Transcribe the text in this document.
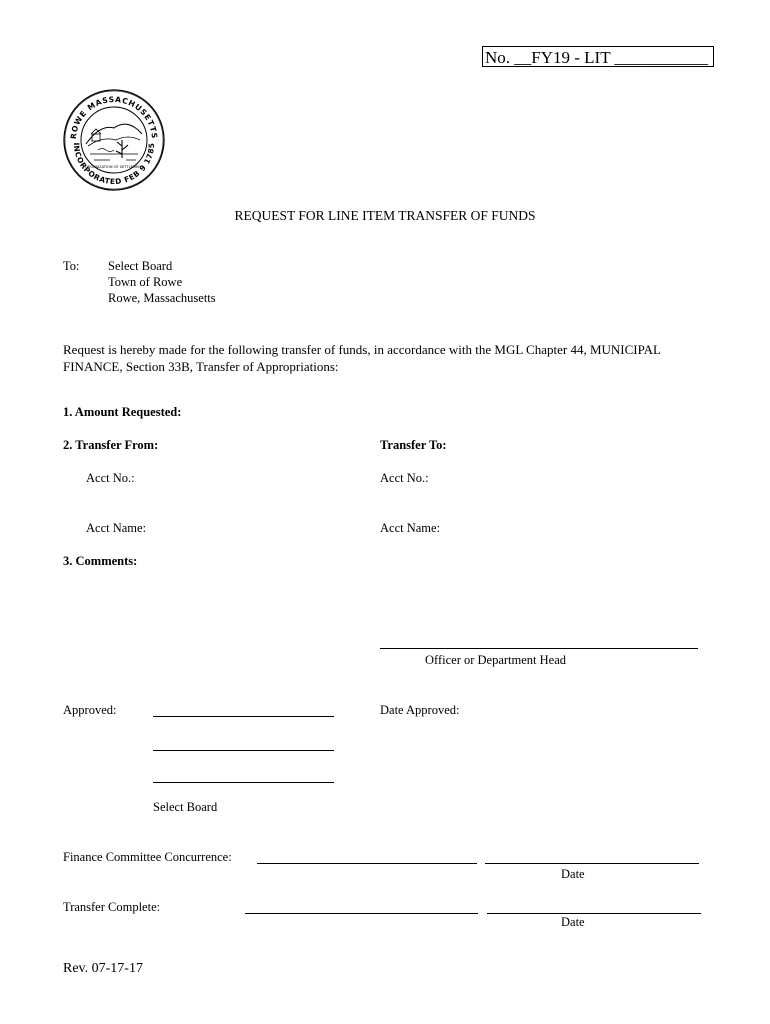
No. __FY19 - LIT ___________
ROWE MASSACHUSETTS
INCORPORATED FEB 9 1785
ORGANIZATION OF SETTLEMENT
REQUEST FOR LINE ITEM TRANSFER OF FUNDS
To: Select Board
Town of Rowe
Rowe, Massachusetts
Request is hereby made for the following transfer of funds, in accordance with the MGL Chapter 44, MUNICIPAL FINANCE, Section 33B, Transfer of Appropriations:
1. Amount Requested:
2. Transfer From:	Transfer To:
Acct No.:	Acct No.:
Acct Name:	Acct Name:
3. Comments:
Officer or Department Head
Approved:	Date Approved:
Select Board
Finance Committee Concurrence:
Date
Transfer Complete:
Date
Rev. 07-17-17
